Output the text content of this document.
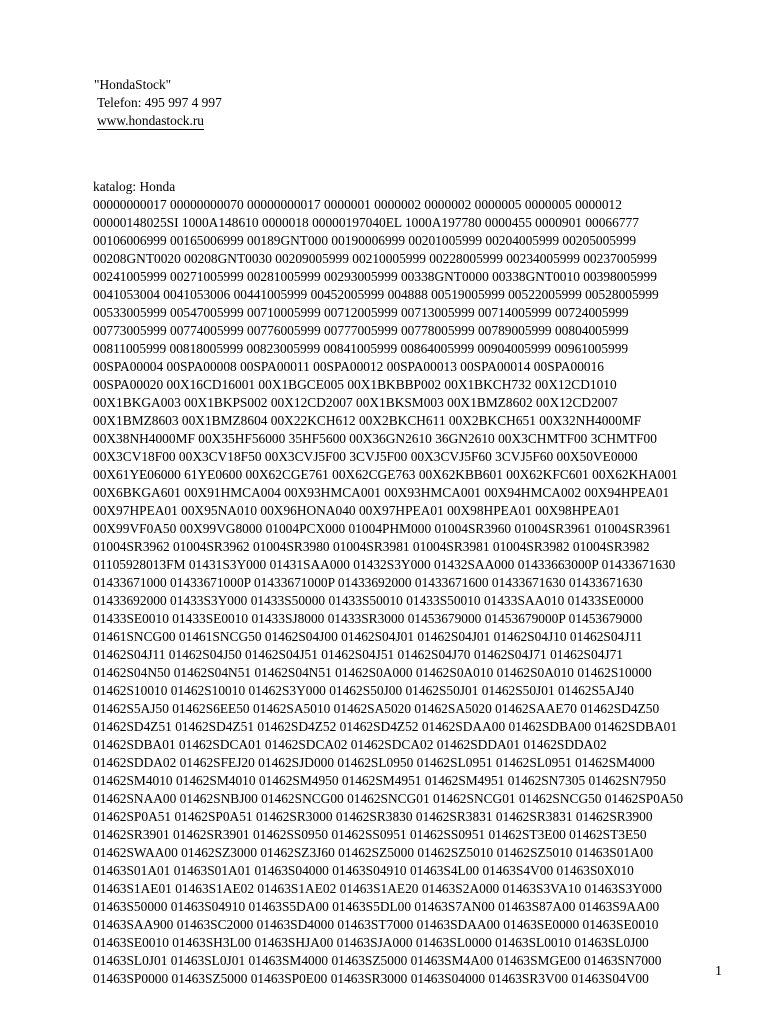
"HondaStock"
Telefon: 495 997 4 997
www.hondastock.ru
katalog: Honda
00000000017 00000000070 00000000017 0000001 0000002 0000002 0000005 0000005 0000012
00000148025SI 1000A148610 0000018 00000197040EL 1000A197780 0000455 0000901 00066777
00106006999 00165006999 00189GNT000 00190006999 00201005999 00204005999 00205005999
00208GNT0020 00208GNT0030 00209005999 00210005999 00228005999 00234005999 00237005999
00241005999 00271005999 00281005999 00293005999 00338GNT0000 00338GNT0010 00398005999
0041053004 0041053006 00441005999 00452005999 004888 00519005999 00522005999 00528005999
00533005999 00547005999 00710005999 00712005999 00713005999 00714005999 00724005999
00773005999 00774005999 00776005999 00777005999 00778005999 00789005999 00804005999
00811005999 00818005999 00823005999 00841005999 00864005999 00904005999 00961005999
00SPA00004 00SPA00008 00SPA00011 00SPA00012 00SPA00013 00SPA00014 00SPA00016
00SPA00020 00X16CD16001 00X1BGCE005 00X1BKBBP002 00X1BKCH732 00X12CD1010
00X1BKGA003 00X1BKPS002 00X12CD2007 00X1BKSM003 00X1BMZ8602 00X12CD2007
00X1BMZ8603 00X1BMZ8604 00X22KCH612 00X2BKCH611 00X2BKCH651 00X32NH4000MF
00X38NH4000MF 00X35HF56000 35HF5600 00X36GN2610 36GN2610 00X3CHMTF00 3CHMTF00
00X3CV18F00 00X3CV18F50 00X3CVJ5F00 3CVJ5F00 00X3CVJ5F60 3CVJ5F60 00X50VE0000
00X61YE06000 61YE0600 00X62CGE761 00X62CGE763 00X62KBB601 00X62KFC601 00X62KHA001
00X6BKGA601 00X91HMCA004 00X93HMCA001 00X93HMCA001 00X94HMCA002 00X94HPEA01
00X97HPEA01 00X95NA010 00X96HONA040 00X97HPEA01 00X98HPEA01 00X98HPEA01
00X99VF0A50 00X99VG8000 01004PCX000 01004PHM000 01004SR3960 01004SR3961 01004SR3961
01004SR3962 01004SR3962 01004SR3980 01004SR3981 01004SR3981 01004SR3982 01004SR3982
01105928013FM 01431S3Y000 01431SAA000 01432S3Y000 01432SAA000 01433663000P 01433671630
01433671000 01433671000P 01433671000P 01433692000 01433671600 01433671630 01433671630
01433692000 01433S3Y000 01433S50000 01433S50010 01433S50010 01433SAA010 01433SE0000
01433SE0010 01433SE0010 01433SJ8000 01433SR3000 01453679000 01453679000P 01453679000
01461SNCG00 01461SNCG50 01462S04J00 01462S04J01 01462S04J01 01462S04J10 01462S04J11
01462S04J11 01462S04J50 01462S04J51 01462S04J51 01462S04J70 01462S04J71 01462S04J71
01462S04N50 01462S04N51 01462S04N51 01462S0A000 01462S0A010 01462S0A010 01462S10000
01462S10010 01462S10010 01462S3Y000 01462S50J00 01462S50J01 01462S50J01 01462S5AJ40
01462S5AJ50 01462S6EE50 01462SA5010 01462SA5020 01462SA5020 01462SAAE70 01462SD4Z50
01462SD4Z51 01462SD4Z51 01462SD4Z52 01462SD4Z52 01462SDAA00 01462SDBA00 01462SDBA01
01462SDBA01 01462SDCA01 01462SDCA02 01462SDCA02 01462SDDA01 01462SDDA02
01462SDDA02 01462SFEJ20 01462SJD000 01462SL0950 01462SL0951 01462SL0951 01462SM4000
01462SM4010 01462SM4010 01462SM4950 01462SM4951 01462SM4951 01462SN7305 01462SN7950
01462SNAA00 01462SNBJ00 01462SNCG00 01462SNCG01 01462SNCG01 01462SNCG50 01462SP0A50
01462SP0A51 01462SP0A51 01462SR3000 01462SR3830 01462SR3831 01462SR3831 01462SR3900
01462SR3901 01462SR3901 01462SS0950 01462SS0951 01462SS0951 01462ST3E00 01462ST3E50
01462SWAA00 01462SZ3000 01462SZ3J60 01462SZ5000 01462SZ5010 01462SZ5010 01463S01A00
01463S01A01 01463S01A01 01463S04000 01463S04910 01463S4L00 01463S4V00 01463S0X010
01463S1AE01 01463S1AE02 01463S1AE02 01463S1AE20 01463S2A000 01463S3VA10 01463S3Y000
01463S50000 01463S04910 01463S5DA00 01463S5DL00 01463S7AN00 01463S87A00 01463S9AA00
01463SAA900 01463SC2000 01463SD4000 01463ST7000 01463SDAA00 01463SE0000 01463SE0010
01463SE0010 01463SH3L00 01463SHJA00 01463SJA000 01463SL0000 01463SL0010 01463SL0J00
01463SL0J01 01463SL0J01 01463SM4000 01463SZ5000 01463SM4A00 01463SMGE00 01463SN7000
01463SP0000 01463SZ5000 01463SP0E00 01463SR3000 01463S04000 01463SR3V00 01463S04V00	1
